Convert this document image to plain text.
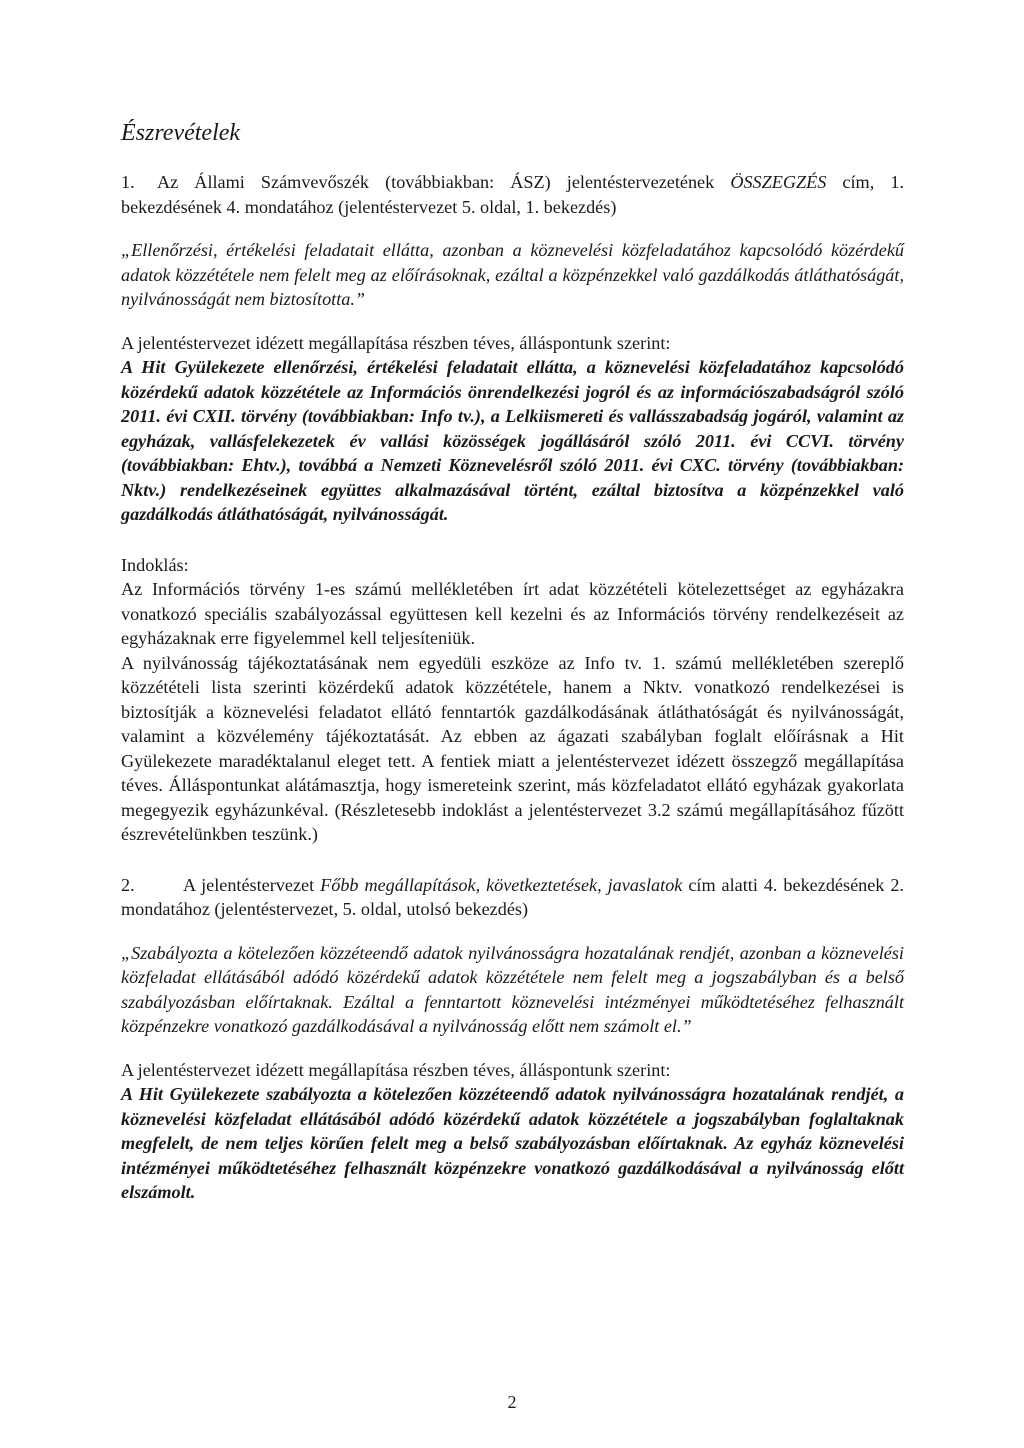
Észrevételek

1. Az Állami Számvevőszék (továbbiakban: ÁSZ) jelentéstervezetének ÖSSZEGZÉS cím, 1. bekezdésének 4. mondatához (jelentéstervezet 5. oldal, 1. bekezdés)

„Ellenőrzési, értékelési feladatait ellátta, azonban a köznevelési közfeladatához kapcsolódó közérdekű adatok közzététele nem felelt meg az előírásoknak, ezáltal a közpénzekkel való gazdálkodás átláthatóságát, nyilvánosságát nem biztosította.”

A jelentéstervezet idézett megállapítása részben téves, álláspontunk szerint:

A Hit Gyülekezete ellenőrzési, értékelési feladatait ellátta, a köznevelési közfeladatához kapcsolódó közérdekű adatok közzététele az Információs önrendelkezési jogról és az információszabadságról szóló 2011. évi CXII. törvény (továbbiakban: Info tv.), a Lelkiismereti és vallásszabadság jogáról, valamint az egyházak, vallásfelekezetek év vallási közösségek jogállásáról szóló 2011. évi CCVI. törvény (továbbiakban: Ehtv.), továbbá a Nemzeti Köznevelésről szóló 2011. évi CXC. törvény (továbbiakban: Nktv.) rendelkezéseinek együttes alkalmazásával történt, ezáltal biztosítva a közpénzekkel való gazdálkodás átláthatóságát, nyilvánosságát.

Indoklás:

Az Információs törvény 1-es számú mellékletében írt adat közzétételi kötelezettséget az egyházakra vonatkozó speciális szabályozással együttesen kell kezelni és az Információs törvény rendelkezéseit az egyházaknak erre figyelemmel kell teljesíteniük.

A nyilvánosság tájékoztatásának nem egyedüli eszköze az Info tv. 1. számú mellékletében szereplő közzétételi lista szerinti közérdekű adatok közzététele, hanem a Nktv. vonatkozó rendelkezései is biztosítják a köznevelési feladatot ellátó fenntartók gazdálkodásának átláthatóságát és nyilvánosságát, valamint a közvélemény tájékoztatását. Az ebben az ágazati szabályban foglalt előírásnak a Hit Gyülekezete maradéktalanul eleget tett. A fentiek miatt a jelentéstervezet idézett összegző megállapítása téves. Álláspontunkat alátámasztja, hogy ismereteink szerint, más közfeladatot ellátó egyházak gyakorlata megegyezik egyházunkéval. (Részletesebb indoklást a jelentéstervezet 3.2 számú megállapításához fűzött észrevételünkben teszünk.)

2.	A jelentéstervezet Főbb megállapítások, következtetések, javaslatok cím alatti 4. bekezdésének 2. mondatához (jelentéstervezet, 5. oldal, utolsó bekezdés)

„Szabályozta a kötelezően közzéteendő adatok nyilvánosságra hozatalának rendjét, azonban a köznevelési közfeladat ellátásából adódó közérdekű adatok közzététele nem felelt meg a jogszabályban és a belső szabályozásban előírtaknak. Ezáltal a fenntartott köznevelési intézményei működtetéséhez felhasznált közpénzekre vonatkozó gazdálkodásával a nyilvánosság előtt nem számolt el.”

A jelentéstervezet idézett megállapítása részben téves, álláspontunk szerint:

A Hit Gyülekezete szabályozta a kötelezően közzéteendő adatok nyilvánosságra hozatalának rendjét, a köznevelési közfeladat ellátásából adódó közérdekű adatok közzététele a jogszabályban foglaltaknak megfelelt, de nem teljes körűen felelt meg a belső szabályozásban előírtaknak. Az egyház köznevelési intézményei működtetéséhez felhasznált közpénzekre vonatkozó gazdálkodásával a nyilvánosság előtt elszámolt.

2
